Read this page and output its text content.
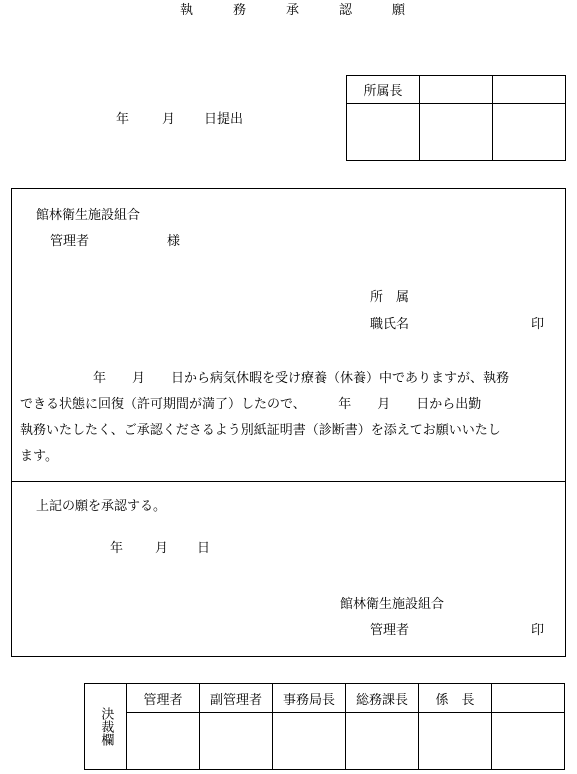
執	務	承	認	願
年	月 日提出
所属長		

館林衛生施設組合
管理者	様
所　属
職氏名	印
年　　月　　日から病気休暇を受け療養（休養）中でありますが、執務
できる状態に回復（許可期間が満了）したので、　　　年　　月　　日から出勤
執務いたしたく、ご承認くださるよう別紙証明書（診断書）を添えてお願いいたし
ます。
上記の願を承認する。
年 月 日
館林衛生施設組合
管理者	印
決裁欄	管理者	副管理者	事務局長	総務課長	係　長	
